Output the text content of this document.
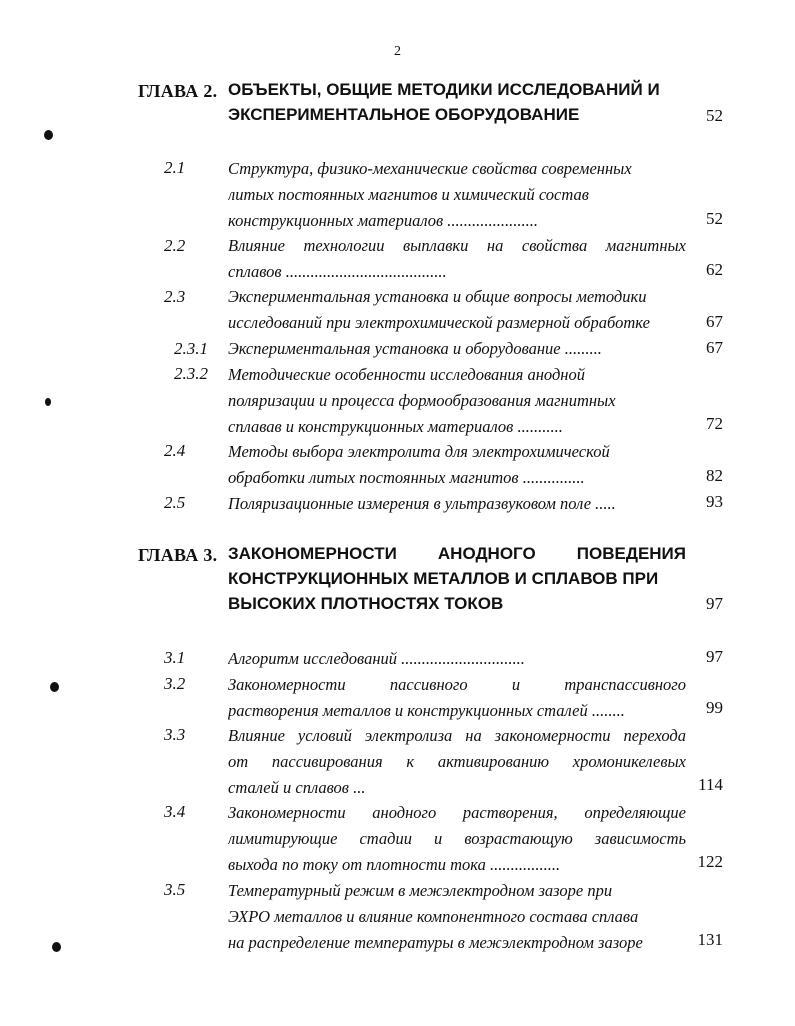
2
ГЛАВА 2. ОБЪЕКТЫ, ОБЩИЕ МЕТОДИКИ ИССЛЕДОВАНИЙ И
ЭКСПЕРИМЕНТАЛЬНОЕ ОБОРУДОВАНИЕ	52
2.1	Структура, физико-механические свойства современных
литых постоянных магнитов и химический состав
конструкционных материалов ......................	52
2.2	Влияние технологии выплавки на свойства магнитных
сплавов .......................................	62
2.3	Экспериментальная установка и общие вопросы методики
исследований при электрохимической размерной обработке	67
2.3.1 Экспериментальная установка и оборудование .........	67
2.3.2 Методические особенности исследования анодной
поляризации и процесса формообразования магнитных
сплавав и конструкционных материалов ...........	72
2.4	Методы выбора электролита для электрохимической
обработки литых постоянных магнитов ...............	82
2.5	Поляризационные измерения в ультразвуковом поле .....	93
ГЛАВА 3. ЗАКОНОМЕРНОСТИ АНОДНОГО ПОВЕДЕНИЯ
КОНСТРУКЦИОННЫХ МЕТАЛЛОВ И СПЛАВОВ ПРИ
ВЫСОКИХ ПЛОТНОСТЯХ ТОКОВ	97
3.1	Алгоритм исследований ..............................	97
3.2	Закономерности пассивного и транспассивного
растворения металлов и конструкционных сталей ........	99
3.3	Влияние условий электролиза на закономерности перехода
от пассивирования к активированию хромоникелевых
сталей и сплавов ...	114
3.4	Закономерности анодного растворения, определяющие
лимитирующие стадии и возрастающую зависимость
выхода по току от плотности тока .................	122
3.5	Температурный режим в межэлектродном зазоре при
ЭХРО металлов и влияние компонентного состава сплава
на распределение температуры в межэлектродном зазоре	131
